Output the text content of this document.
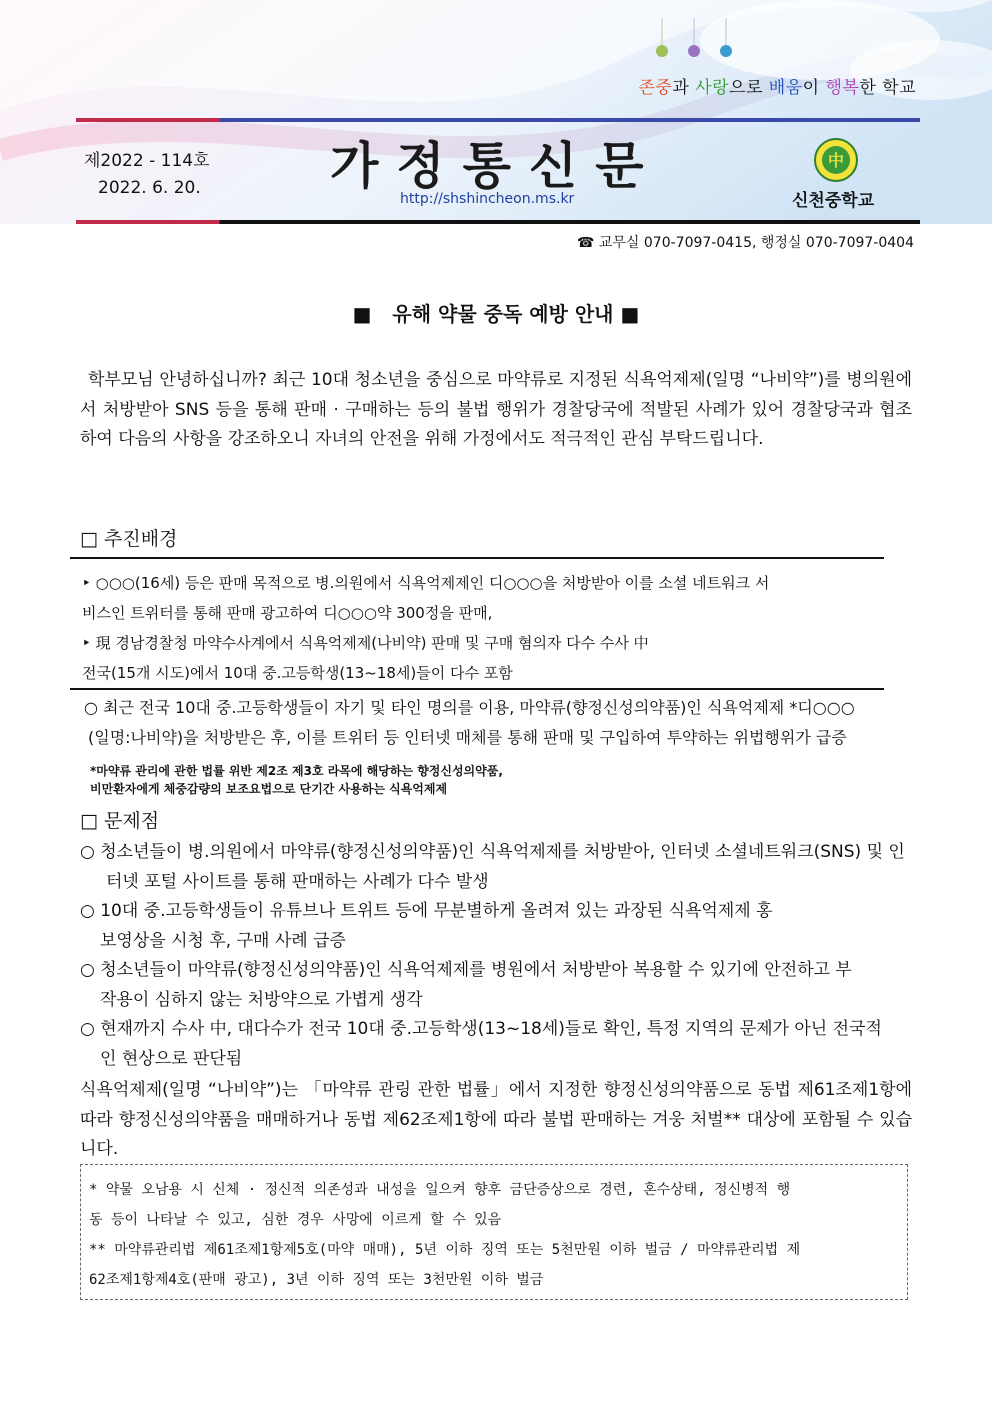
존중과 사랑으로 배움이 행복한 학교
제2022 - 114호
2022. 6. 20.	가정통신문
http://shshincheon.ms.kr
中
신천중학교
☎ 교무실 070-7097-0415, 행정실 070-7097-0404
■   유해 약물 중독 예방 안내 ■
학부모님 안녕하십니까? 최근 10대 청소년을 중심으로 마약류로 지정된 식욕억제제(일명 “나비약”)를 병의원에서 처방받아 SNS 등을 통해 판매 · 구매하는 등의 불법 행위가 경찰당국에 적발된 사례가 있어 경찰당국과 협조하여 다음의 사항을 강조하오니 자녀의 안전을 위해 가정에서도 적극적인 관심 부탁드립니다.
□ 추진배경
‣ ○○○(16세) 등은 판매 목적으로 병.의원에서 식욕억제제인 디○○○을 처방받아 이를 소셜 네트워크 서
비스인 트위터를 통해 판매 광고하여 디○○○약 300정을 판매,
‣ 現 경남경찰청 마약수사계에서 식욕억제제(나비약) 판매 및 구매 혐의자 다수 수사 中
전국(15개 시도)에서 10대 중.고등학생(13~18세)들이 다수 포함
○ 최근 전국 10대 중.고등학생들이 자기 및 타인 명의를 이용, 마약류(향정신성의약품)인 식욕억제제 *디○○○
(일명:나비약)을 처방받은 후, 이를 트위터 등 인터넷 매체를 통해 판매 및 구입하여 투약하는 위법행위가 급증
*마약류 관리에 관한 법률 위반 제2조 제3호 라목에 해당하는 향정신성의약품,
비만환자에게 체중감량의 보조요법으로 단기간 사용하는 식욕억제제
□ 문제점
○ 청소년들이 병.의원에서 마약류(향정신성의약품)인 식욕억제제를 처방받아, 인터넷 소셜네트워크(SNS) 및 인
터넷 포털 사이트를 통해 판매하는 사례가 다수 발생
○ 10대 중.고등학생들이 유튜브나 트위트 등에 무분별하게 올려져 있는 과장된 식욕억제제 홍
보영상을 시청 후, 구매 사례 급증
○ 청소년들이 마약류(향정신성의약품)인 식욕억제제를 병원에서 처방받아 복용할 수 있기에 안전하고 부
작용이 심하지 않는 처방약으로 가볍게 생각
○ 현재까지 수사 中, 대다수가 전국 10대 중.고등학생(13~18세)들로 확인, 특정 지역의 문제가 아닌 전국적
인 현상으로 판단됨
식욕억제제(일명 “나비약”)는 「마약류 관링 관한 법률」에서 지정한 향정신성의약품으로 동법 제61조제1항에 따라 향정신성의약품을 매매하거나 동법 제62조제1항에 따라 불법 판매하는 겨웅 처벌** 대상에 포함될 수 있습니다.
* 약물 오남용 시 신체 · 정신적 의존성과 내성을 일으켜 향후 금단증상으로 경련, 혼수상태, 정신병적 행
동 등이 나타날 수 있고, 심한 경우 사망에 이르게 할 수 있음
** 마약류관리법 제61조제1항제5호(마약 매매), 5년 이하 징역 또는 5천만원 이하 벌금 / 마약류관리법 제
62조제1항제4호(판매 광고), 3년 이하 징역 또는 3천만원 이하 벌금
